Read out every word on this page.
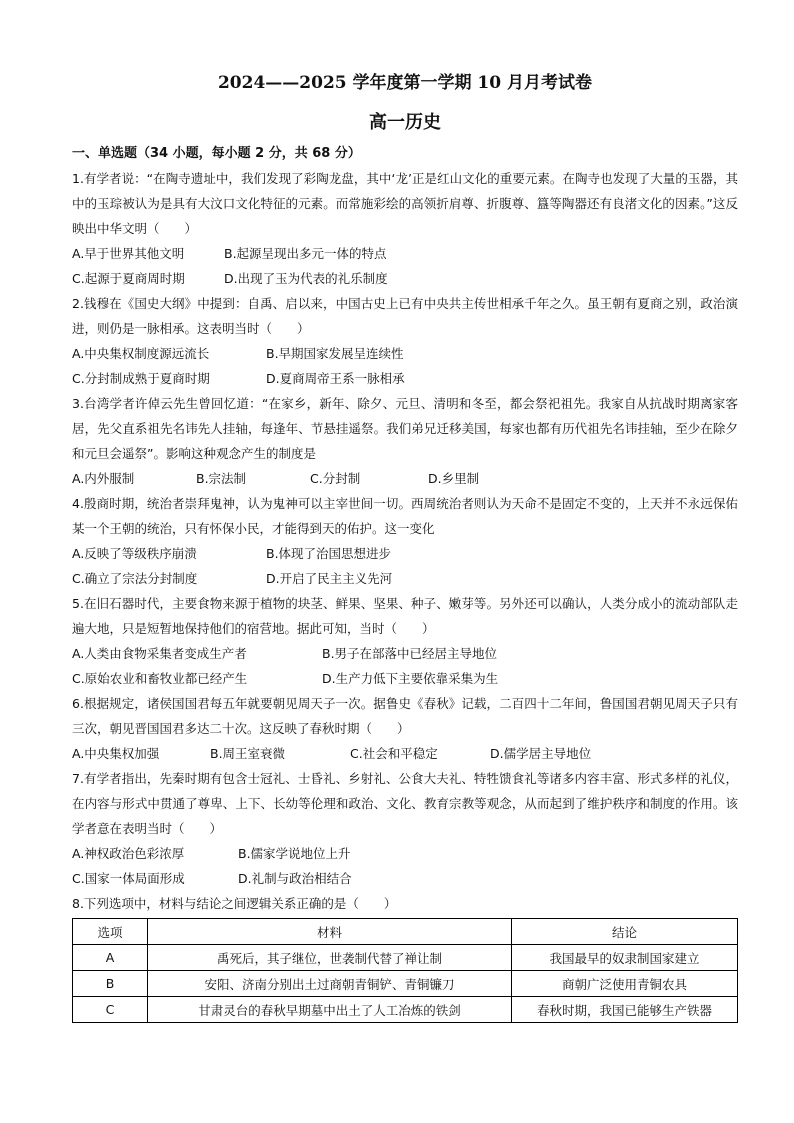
2024——2025 学年度第一学期 10 月月考试卷
高一历史

一、单选题（34 小题，每小题 2 分，共 68 分）

1.有学者说：“在陶寺遗址中，我们发现了彩陶龙盘，其中‘龙’正是红山文化的重要元素。在陶寺也发现了大量的玉器，其中的玉琮被认为是具有大汶口文化特征的元素。而常施彩绘的高领折肩尊、折腹尊、簋等陶器还有良渚文化的因素。”这反映出中华文明（　　）

A.早于世界其他文明	B.起源呈现出多元一体的特点
C.起源于夏商周时期	D.出现了玉为代表的礼乐制度

2.钱穆在《国史大纲》中提到：自禹、启以来，中国古史上已有中央共主传世相承千年之久。虽王朝有夏商之别，政治演进，则仍是一脉相承。这表明当时（　　）

A.中央集权制度源远流长	B.早期国家发展呈连续性
C.分封制成熟于夏商时期	D.夏商周帝王系一脉相承

3.台湾学者许倬云先生曾回忆道：“在家乡，新年、除夕、元旦、清明和冬至，都会祭祀祖先。我家自从抗战时期离家客居，先父直系祖先名讳先人挂轴，每逢年、节悬挂遥祭。我们弟兄迁移美国，每家也都有历代祖先名讳挂轴，至少在除夕和元旦会遥祭”。影响这种观念产生的制度是

A.内外服制	B.宗法制	C.分封制	D.乡里制

4.殷商时期，统治者崇拜鬼神，认为鬼神可以主宰世间一切。西周统治者则认为天命不是固定不变的，上天并不永远保佑某一个王朝的统治，只有怀保小民，才能得到天的佑护。这一变化

A.反映了等级秩序崩溃	B.体现了治国思想进步
C.确立了宗法分封制度	D.开启了民主主义先河

5.在旧石器时代，主要食物来源于植物的块茎、鲜果、坚果、种子、嫩芽等。另外还可以确认，人类分成小的流动部队走遍大地，只是短暂地保持他们的宿营地。据此可知，当时（　　）

A.人类由食物采集者变成生产者	B.男子在部落中已经居主导地位
C.原始农业和畜牧业都已经产生	D.生产力低下主要依靠采集为生

6.根据规定，诸侯国国君每五年就要朝见周天子一次。据鲁史《春秋》记载，二百四十二年间，鲁国国君朝见周天子只有三次，朝见晋国国君多达二十次。这反映了春秋时期（　　）

A.中央集权加强	B.周王室衰微	C.社会和平稳定	D.儒学居主导地位

7.有学者指出，先秦时期有包含士冠礼、士昏礼、乡射礼、公食大夫礼、特牲馈食礼等诸多内容丰富、形式多样的礼仪，在内容与形式中贯通了尊卑、上下、长幼等伦理和政治、文化、教育宗教等观念，从而起到了维护秩序和制度的作用。该学者意在表明当时（　　）

A.神权政治色彩浓厚	B.儒家学说地位上升
C.国家一体局面形成	D.礼制与政治相结合

8.下列选项中，材料与结论之间逻辑关系正确的是（　　）

选项	材料	结论
A	禹死后，其子继位，世袭制代替了禅让制	我国最早的奴隶制国家建立
B	安阳、济南分别出土过商朝青铜铲、青铜镰刀	商朝广泛使用青铜农具
C	甘肃灵台的春秋早期墓中出土了人工冶炼的铁剑	春秋时期，我国已能够生产铁器
